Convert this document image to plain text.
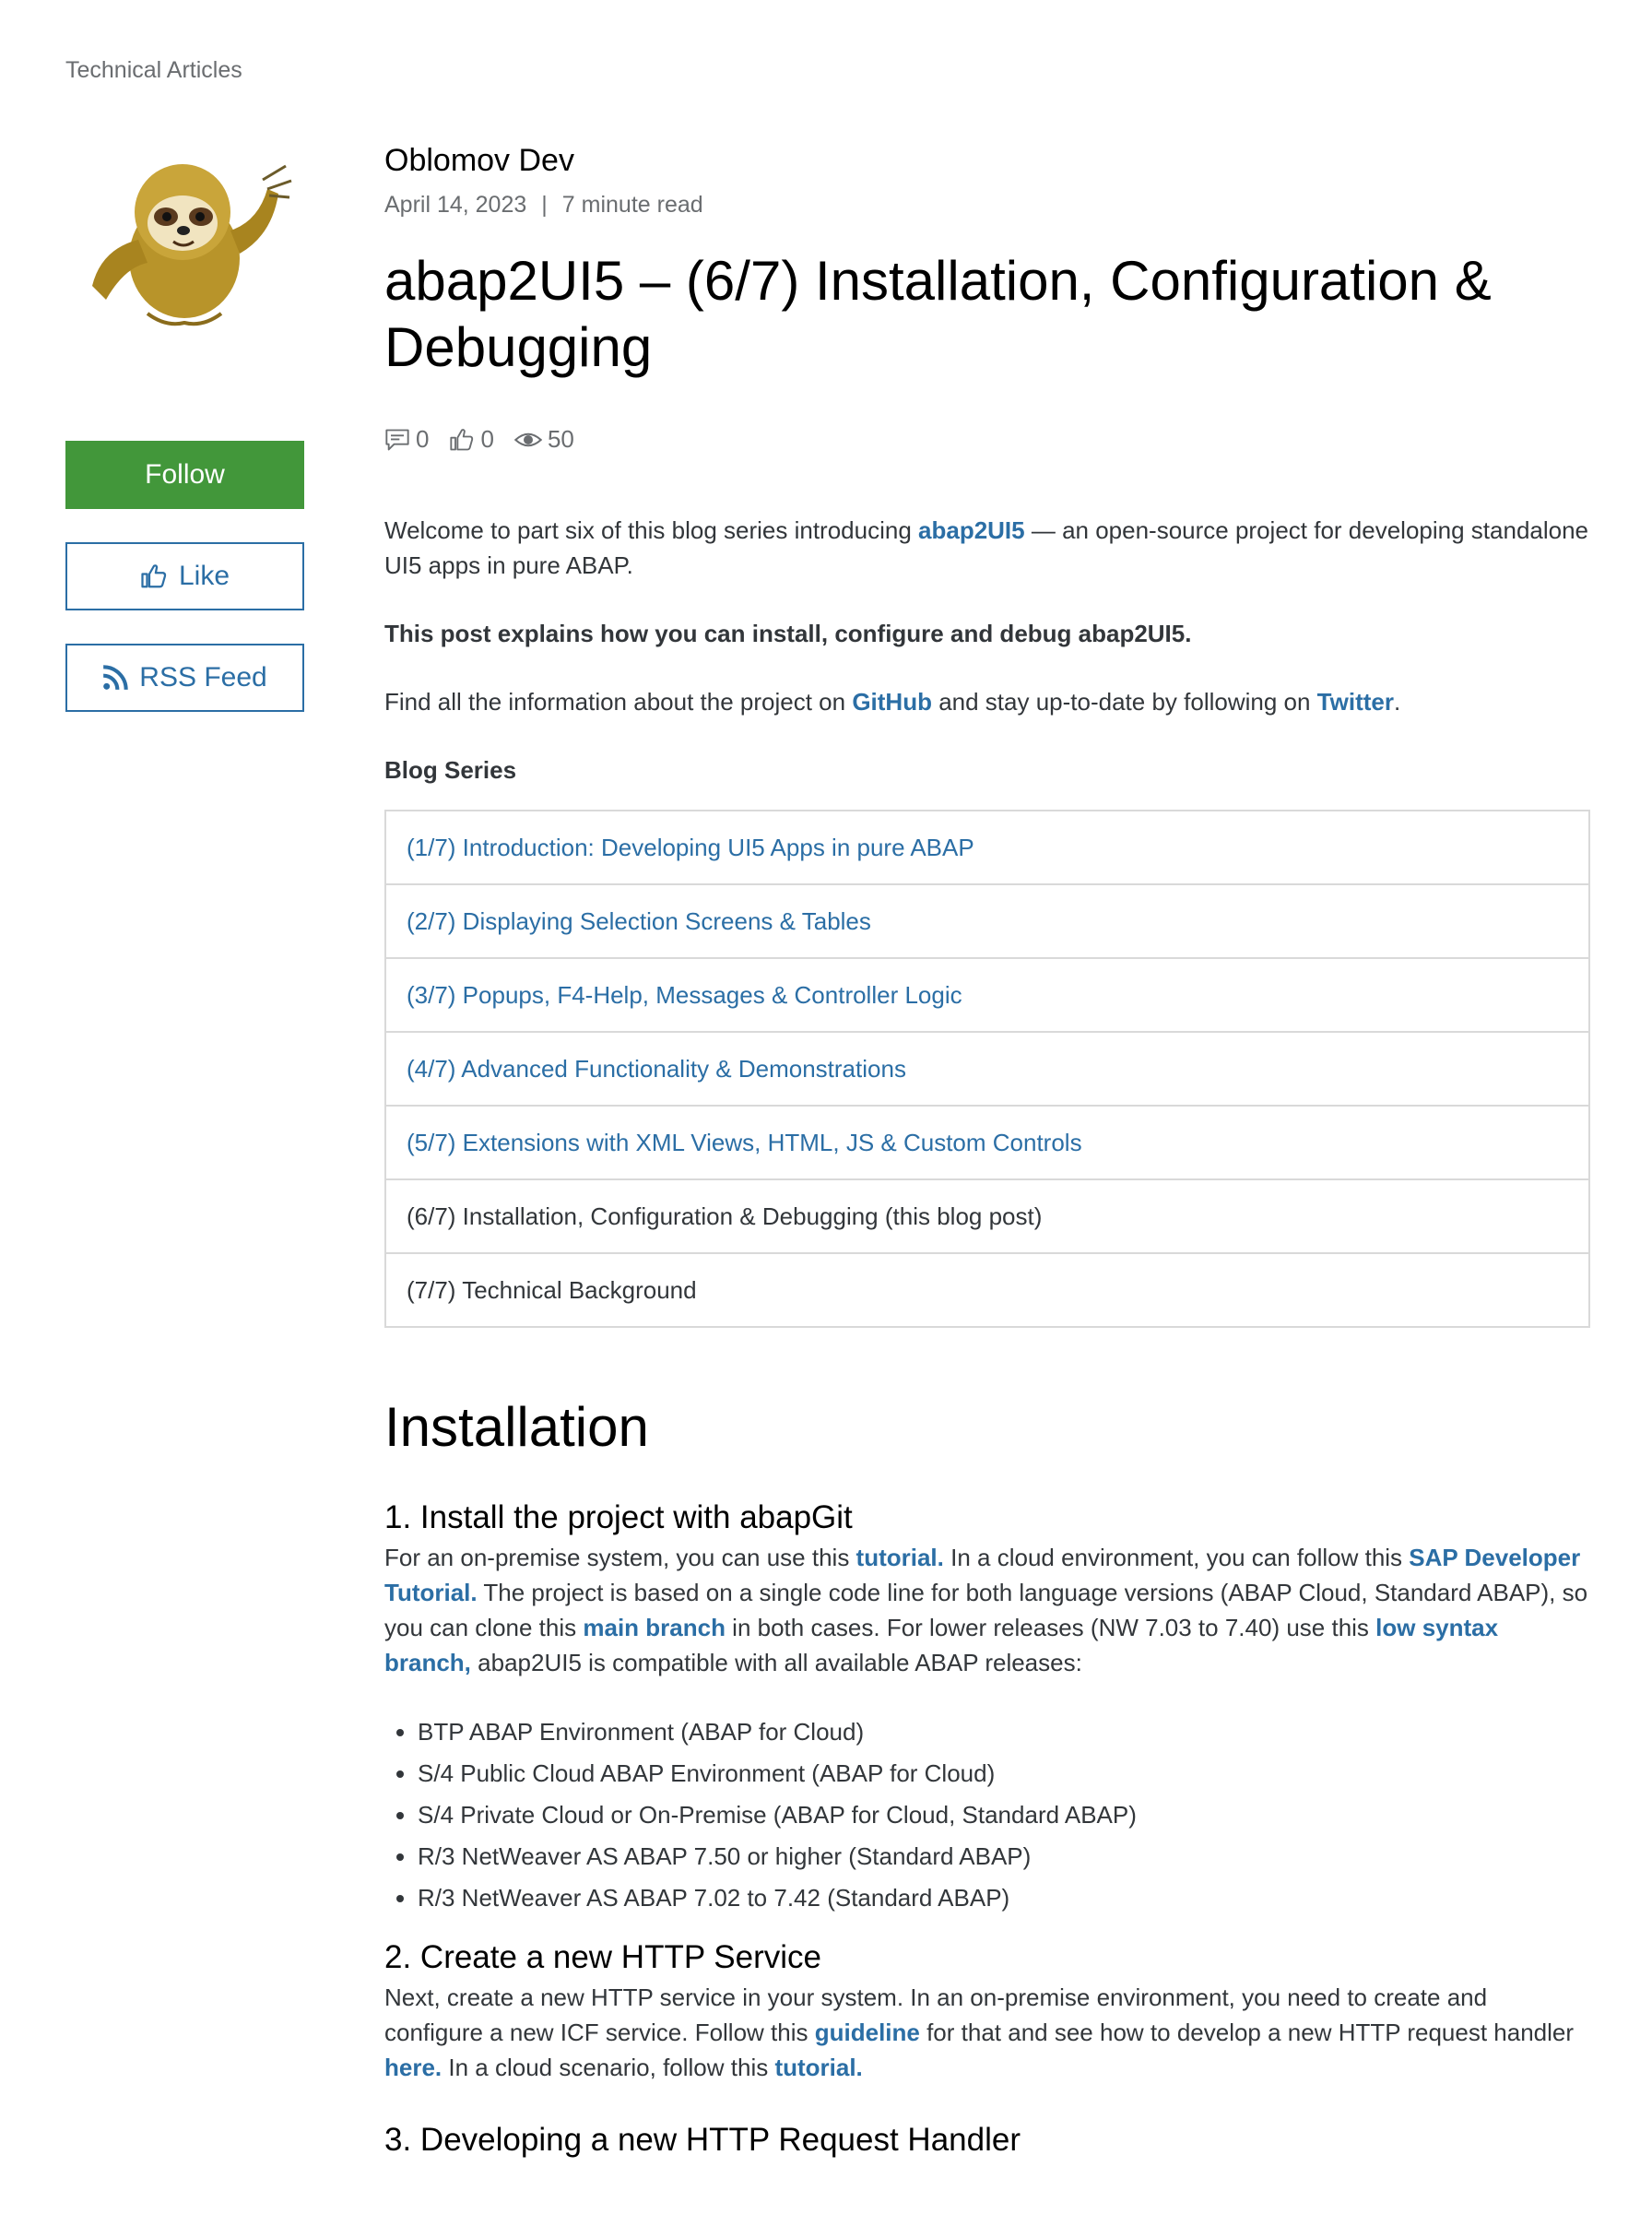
Technical Articles
Follow
Like
RSS Feed

Oblomov Dev

April 14, 2023 | 7 minute read
abap2UI5 – (6/7) Installation, Configuration & Debugging
0 0 50

Welcome to part six of this blog series introducing abap2UI5 — an open-source project for developing standalone UI5 apps in pure ABAP.

This post explains how you can install, configure and debug abap2UI5.

Find all the information about the project on GitHub and stay up-to-date by following on Twitter.

Blog Series

(1/7) Introduction: Developing UI5 Apps in pure ABAP
(2/7) Displaying Selection Screens & Tables
(3/7) Popups, F4-Help, Messages & Controller Logic
(4/7) Advanced Functionality & Demonstrations
(5/7) Extensions with XML Views, HTML, JS & Custom Controls
(6/7) Installation, Configuration & Debugging (this blog post)
(7/7) Technical Background
Installation
1. Install the project with abapGit

For an on-premise system, you can use this tutorial. In a cloud environment, you can follow this SAP Developer Tutorial. The project is based on a single code line for both language versions (ABAP Cloud, Standard ABAP), so you can clone this main branch in both cases. For lower releases (NW 7.03 to 7.40) use this low syntax branch, abap2UI5 is compatible with all available ABAP releases:

• BTP ABAP Environment (ABAP for Cloud)
• S/4 Public Cloud ABAP Environment (ABAP for Cloud)
• S/4 Private Cloud or On-Premise (ABAP for Cloud, Standard ABAP)
• R/3 NetWeaver AS ABAP 7.50 or higher (Standard ABAP)
• R/3 NetWeaver AS ABAP 7.02 to 7.42 (Standard ABAP)
2. Create a new HTTP Service

Next, create a new HTTP service in your system. In an on-premise environment, you need to create and configure a new ICF service. Follow this guideline for that and see how to develop a new HTTP request handler here. In a cloud scenario, follow this tutorial.

3. Developing a new HTTP Request Handler
